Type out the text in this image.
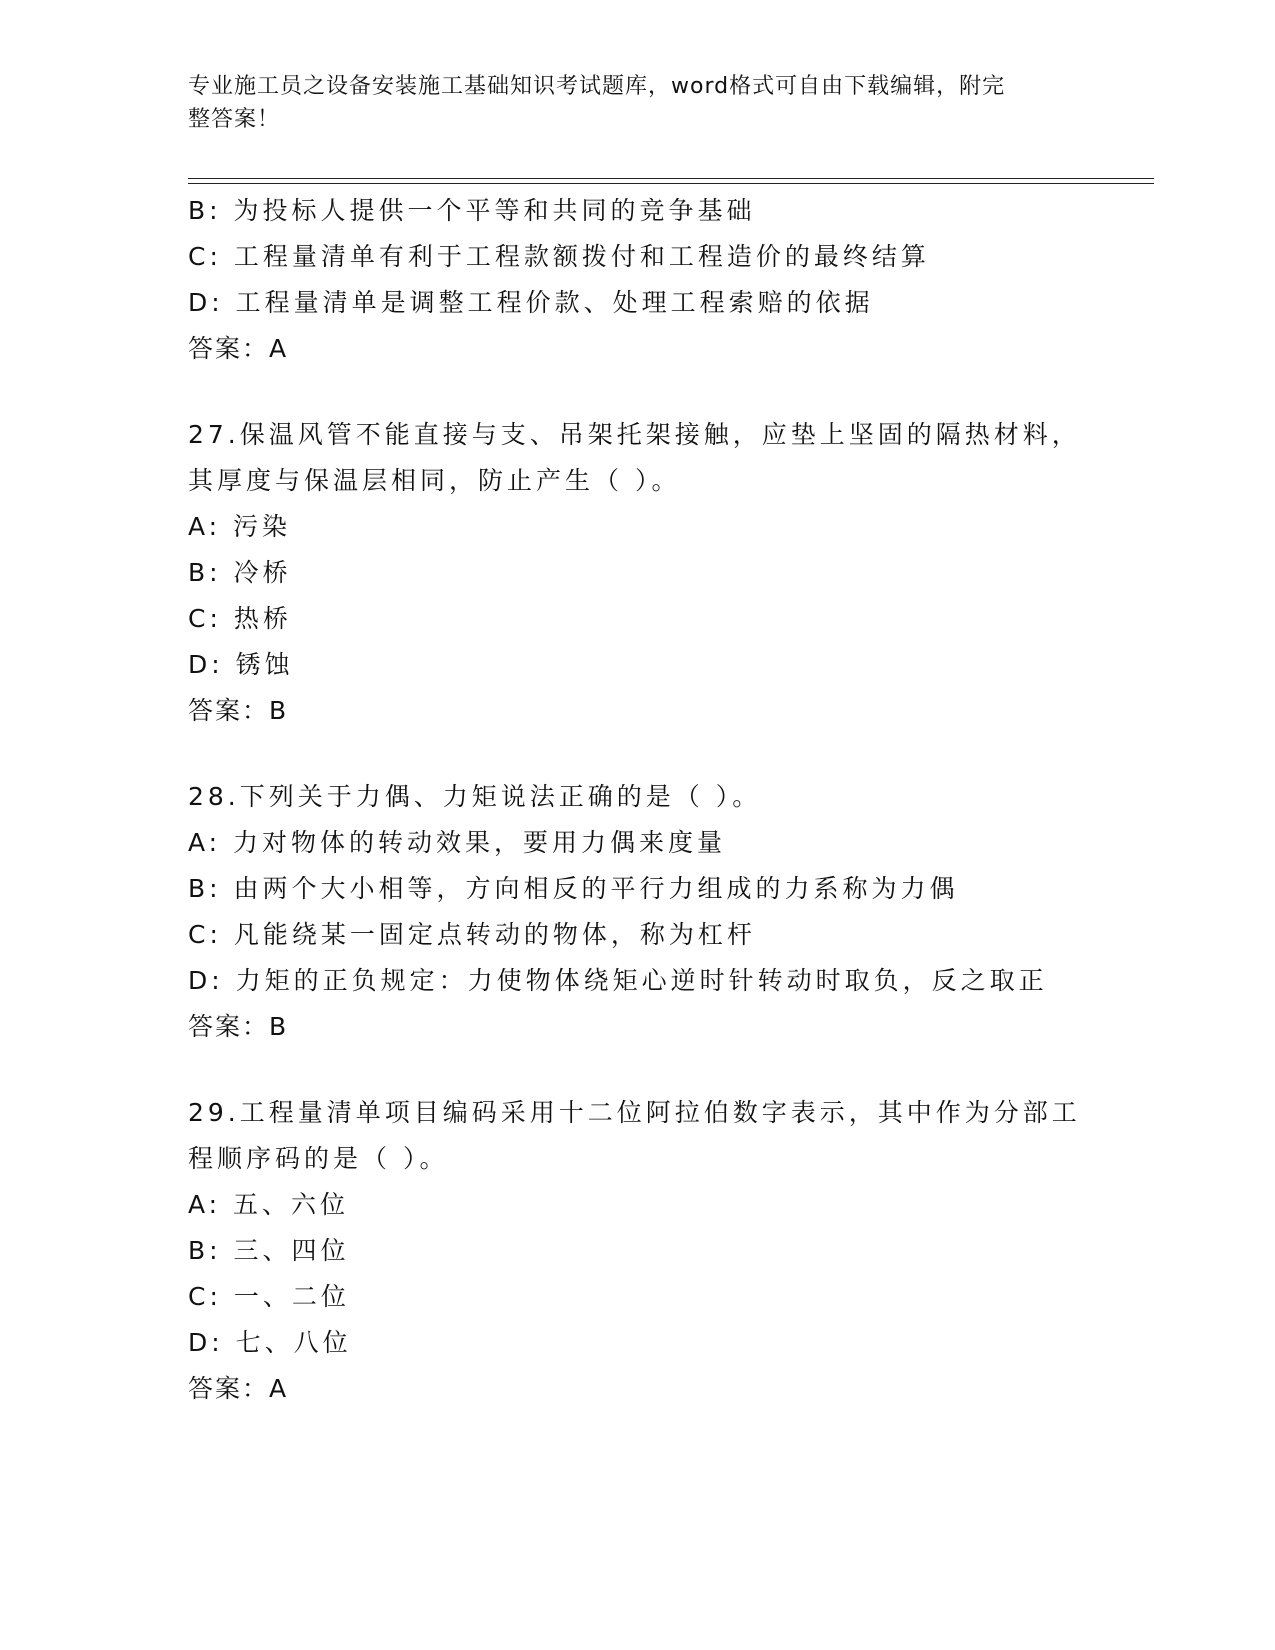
专业施工员之设备安装施工基础知识考试题库，word格式可自由下载编辑，附完
整答案！
B: 为投标人提供一个平等和共同的竞争基础
C: 工程量清单有利于工程款额拨付和工程造价的最终结算
D: 工程量清单是调整工程价款、处理工程索赔的依据
答案：A
27.保温风管不能直接与支、吊架托架接触，应垫上坚固的隔热材料，
其厚度与保温层相同，防止产生（ ）。
A: 污染
B: 冷桥
C: 热桥
D: 锈蚀
答案：B
28.下列关于力偶、力矩说法正确的是（ ）。
A: 力对物体的转动效果，要用力偶来度量
B: 由两个大小相等，方向相反的平行力组成的力系称为力偶
C: 凡能绕某一固定点转动的物体，称为杠杆
D: 力矩的正负规定：力使物体绕矩心逆时针转动时取负，反之取正
答案：B
29.工程量清单项目编码采用十二位阿拉伯数字表示，其中作为分部工
程顺序码的是（ ）。
A: 五、六位
B: 三、四位
C: 一、二位
D: 七、八位
答案：A
